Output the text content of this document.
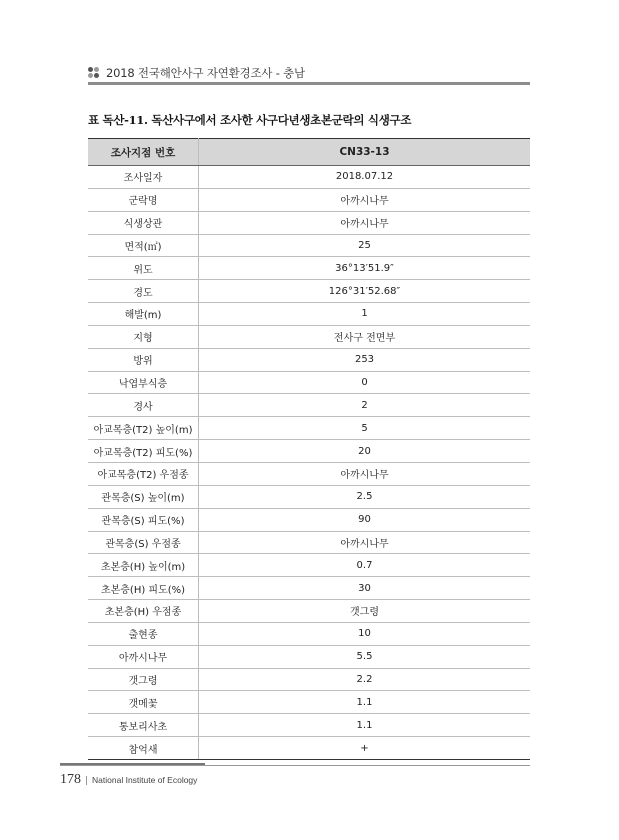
2018 전국해안사구 자연환경조사 - 충남
표 독산-11. 독산사구에서 조사한 사구다년생초본군락의 식생구조
조사지점 번호	CN33-13
조사일자	2018.07.12
군락명	아까시나무
식생상관	아까시나무
면적(㎡)	25
위도	36°13′51.9″
경도	126°31′52.68″
해발(m)	1
지형	전사구 전면부
방위	253
낙엽부식층	0
경사	2
아교목층(T2) 높이(m)	5
아교목층(T2) 피도(%)	20
아교목층(T2) 우점종	아까시나무
관목층(S) 높이(m)	2.5
관목층(S) 피도(%)	90
관목층(S) 우점종	아까시나무
초본층(H) 높이(m)	0.7
초본층(H) 피도(%)	30
초본층(H) 우점종	갯그령
출현종	10
아까시나무	5.5
갯그령	2.2
갯메꽃	1.1
통보리사초	1.1
참억새	+
178 | National Institute of Ecology
